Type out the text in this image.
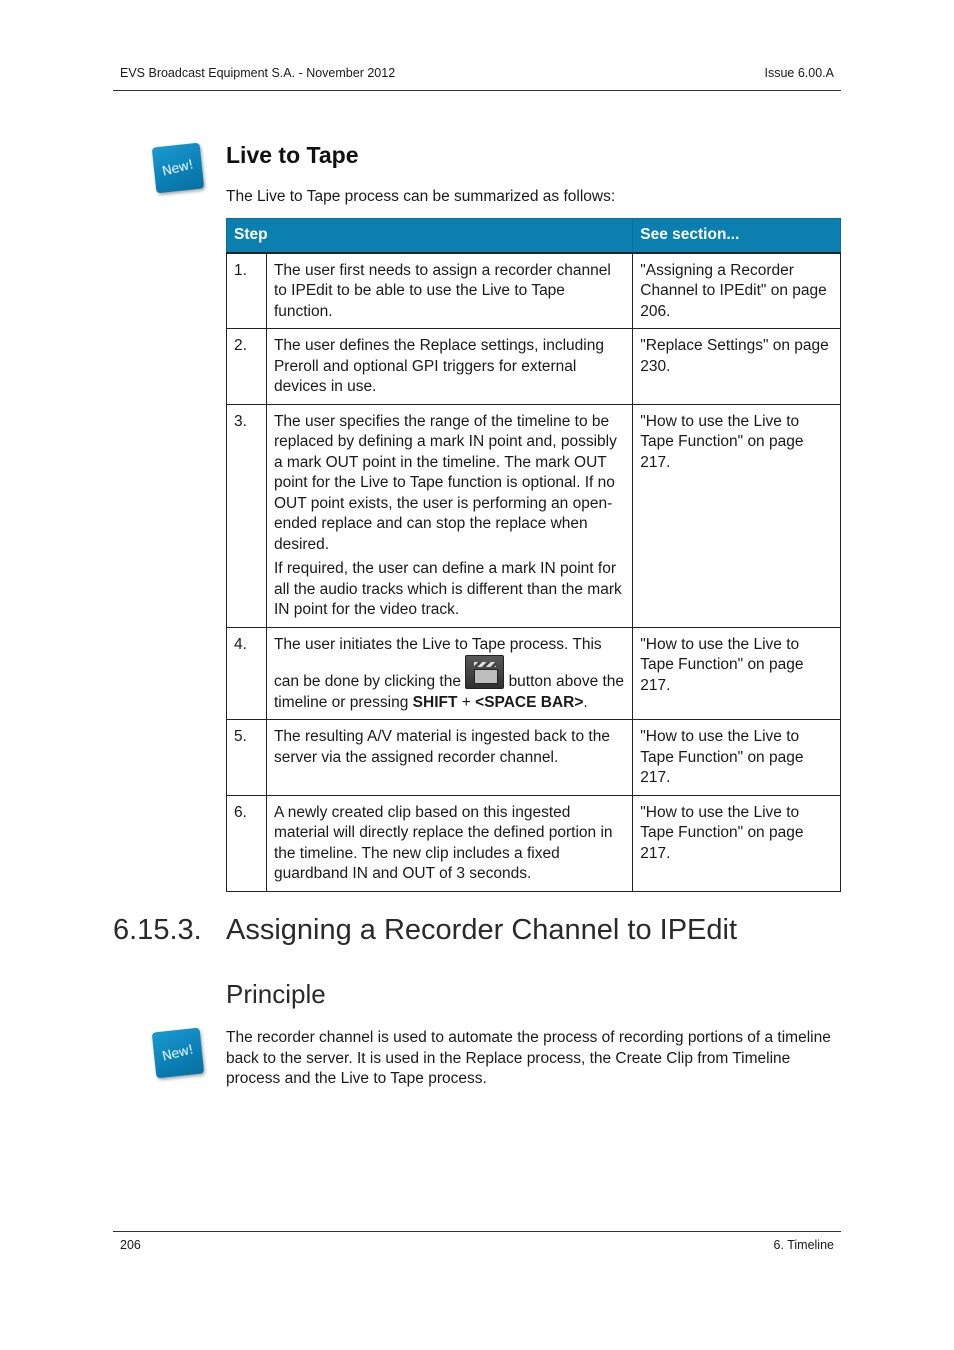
EVS Broadcast Equipment S.A. - November 2012	Issue 6.00.A
New!
Live to Tape
The Live to Tape process can be summarized as follows:
Step		See section...
1.	The user first needs to assign a recorder channel to IPEdit to be able to use the Live to Tape function.	"Assigning a Recorder Channel to IPEdit" on page 206.
2.	The user defines the Replace settings, including Preroll and optional GPI triggers for external devices in use.	"Replace Settings" on page 230.
3.	The user specifies the range of the timeline to be replaced by defining a mark IN point and, possibly a mark OUT point in the timeline. The mark OUT point for the Live to Tape function is optional. If no OUT point exists, the user is performing an open-ended replace and can stop the replace when desired.
If required, the user can define a mark IN point for all the audio tracks which is different than the mark IN point for the video track.	"How to use the Live to Tape Function" on page 217.
4.	The user initiates the Live to Tape process. This can be done by clicking the button above the timeline or pressing SHIFT + <SPACE BAR>.	"How to use the Live to Tape Function" on page 217.
5.	The resulting A/V material is ingested back to the server via the assigned recorder channel.	"How to use the Live to Tape Function" on page 217.
6.	A newly created clip based on this ingested material will directly replace the defined portion in the timeline. The new clip includes a fixed guardband IN and OUT of 3 seconds.	"How to use the Live to Tape Function" on page 217.
6.15.3. Assigning a Recorder Channel to IPEdit
Principle
New!
The recorder channel is used to automate the process of recording portions of a timeline back to the server. It is used in the Replace process, the Create Clip from Timeline process and the Live to Tape process.
206	6. Timeline
